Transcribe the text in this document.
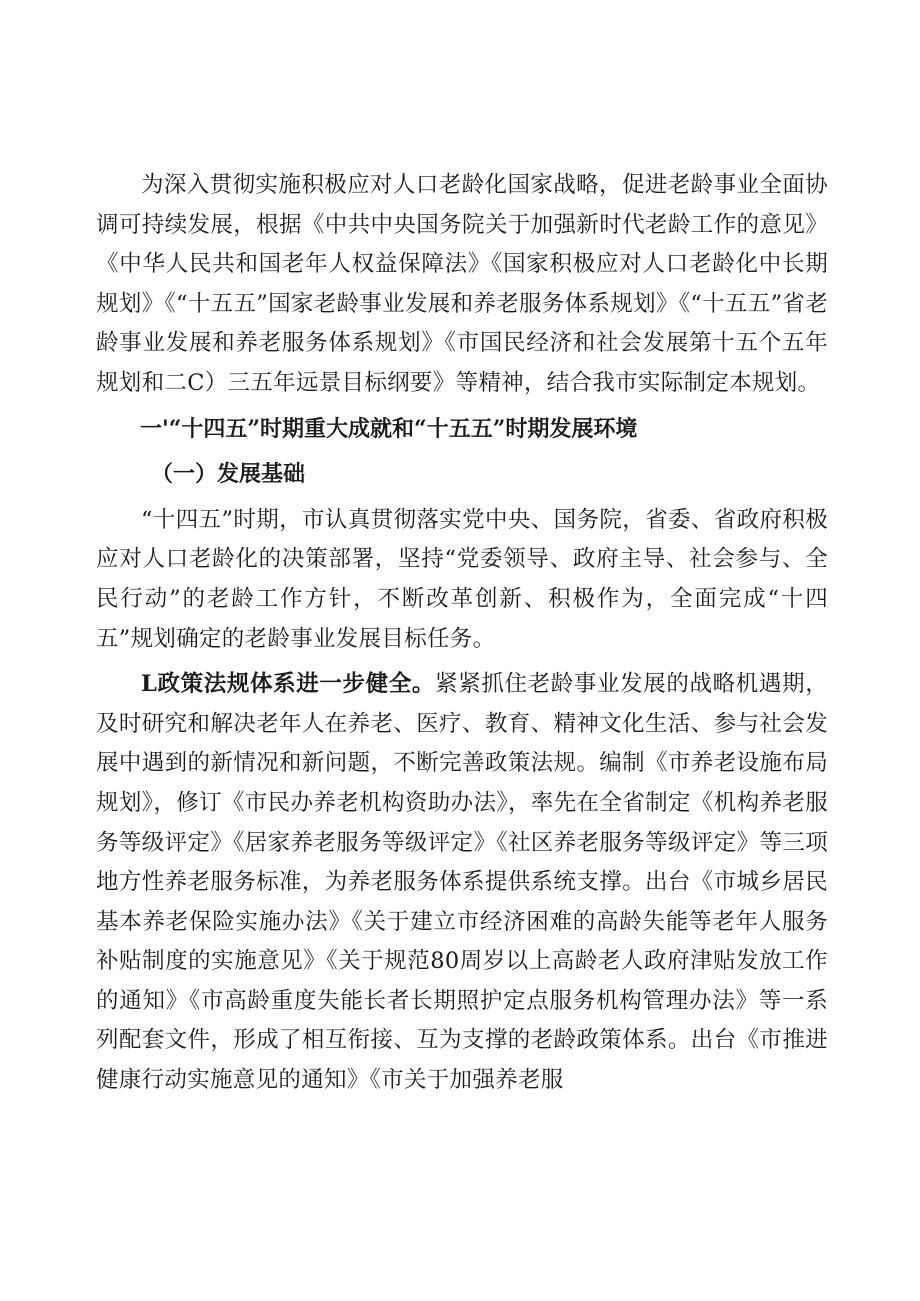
为深入贯彻实施积极应对人口老龄化国家战略，促进老龄事业全面协调可持续发展，根据《中共中央国务院关于加强新时代老龄工作的意见》《中华人民共和国老年人权益保障法》《国家积极应对人口老龄化中长期规划》《“十五五”国家老龄事业发展和养老服务体系规划》《“十五五”省老龄事业发展和养老服务体系规划》《市国民经济和社会发展第十五个五年规划和二C）三五年远景目标纲要》等精神，结合我市实际制定本规划。

一'“十四五”时期重大成就和“十五五”时期发展环境

（一）发展基础

“十四五”时期，市认真贯彻落实党中央、国务院，省委、省政府积极应对人口老龄化的决策部署，坚持“党委领导、政府主导、社会参与、全民行动”的老龄工作方针，不断改革创新、积极作为，全面完成“十四五”规划确定的老龄事业发展目标任务。

L政策法规体系进一步健全。紧紧抓住老龄事业发展的战略机遇期，及时研究和解决老年人在养老、医疗、教育、精神文化生活、参与社会发展中遇到的新情况和新问题，不断完善政策法规。编制《市养老设施布局规划》，修订《市民办养老机构资助办法》，率先在全省制定《机构养老服务等级评定》《居家养老服务等级评定》《社区养老服务等级评定》等三项地方性养老服务标准，为养老服务体系提供系统支撑。出台《市城乡居民基本养老保险实施办法》《关于建立市经济困难的高龄失能等老年人服务补贴制度的实施意见》《关于规范80周岁以上高龄老人政府津贴发放工作的通知》《市高龄重度失能长者长期照护定点服务机构管理办法》等一系列配套文件，形成了相互衔接、互为支撑的老龄政策体系。出台《市推进健康行动实施意见的通知》《市关于加强养老服
